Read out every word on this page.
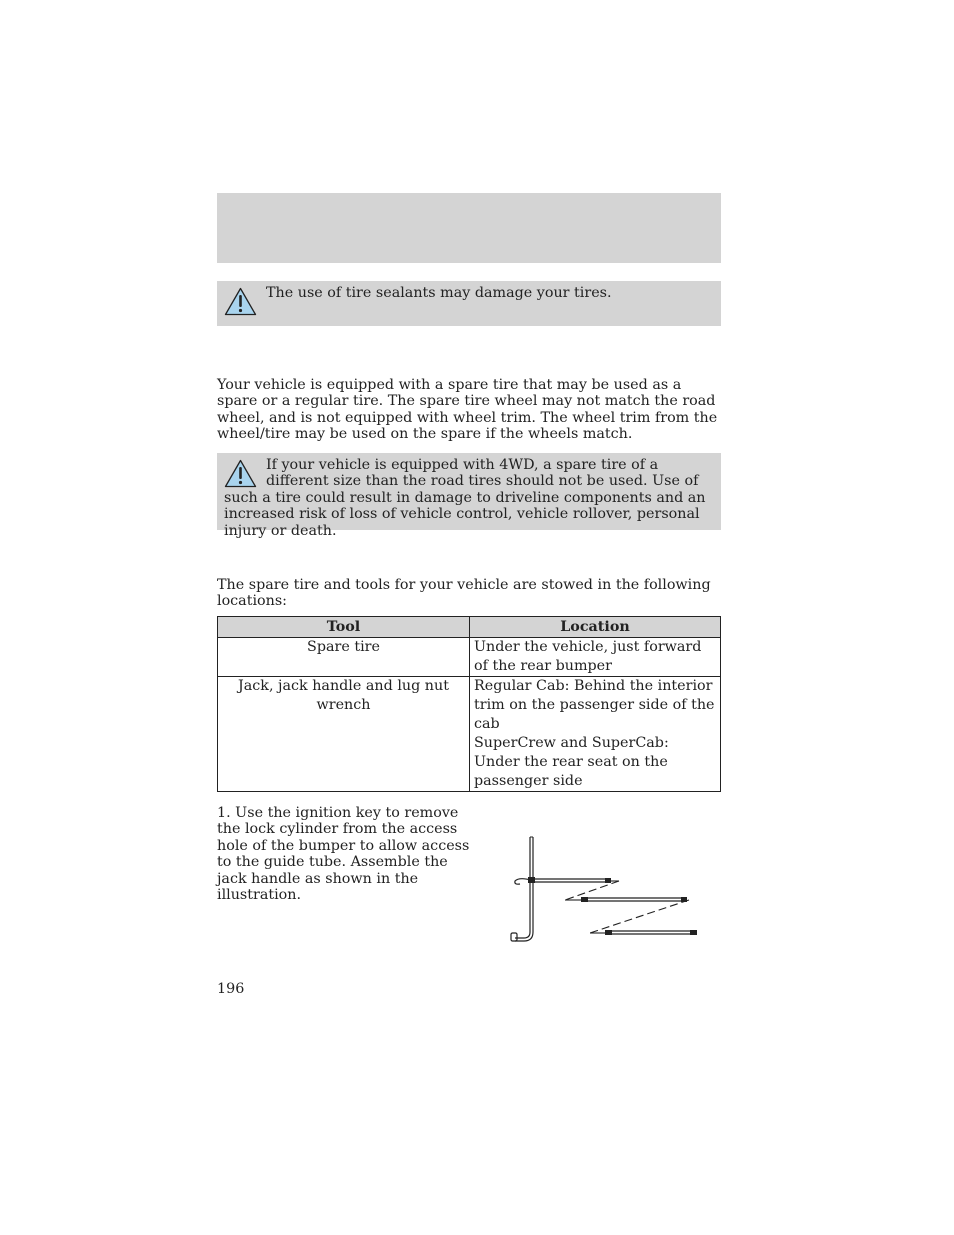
The use of tire sealants may damage your tires.

Your vehicle is equipped with a spare tire that may be used as a spare or a regular tire. The spare tire wheel may not match the road wheel, and is not equipped with wheel trim. The wheel trim from the wheel/tire may be used on the spare if the wheels match.

If your vehicle is equipped with 4WD, a spare tire of a different size than the road tires should not be used. Use of such a tire could result in damage to driveline components and an increased risk of loss of vehicle control, vehicle rollover, personal injury or death.

The spare tire and tools for your vehicle are stowed in the following locations:

Tool	Location
Spare tire	Under the vehicle, just forward of the rear bumper

Jack, jack handle and lug nut wrench	Regular Cab: Behind the interior trim on the passenger side of the cab
SuperCrew and SuperCab: Under the rear seat on the passenger side

1. Use the ignition key to remove the lock cylinder from the access hole of the bumper to allow access to the guide tube. Assemble the jack handle as shown in the illustration.

196
